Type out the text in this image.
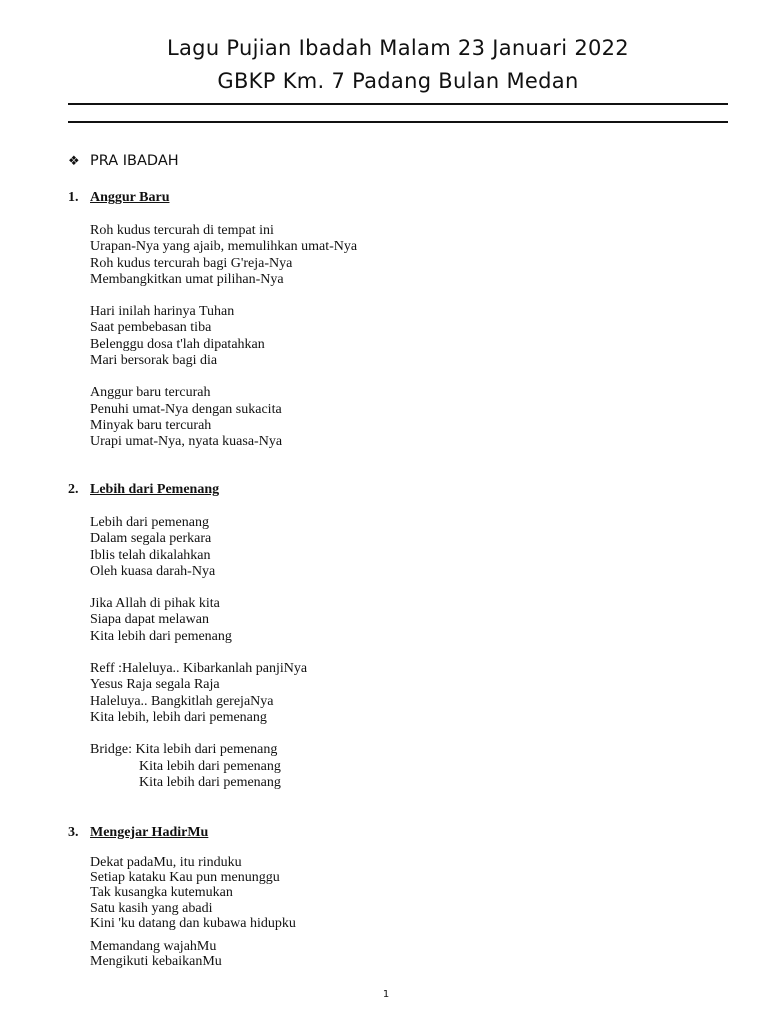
Lagu Pujian Ibadah Malam 23 Januari 2022
GBKP Km. 7 Padang Bulan Medan
❖ PRA IBADAH
1. Anggur Baru
Roh kudus tercurah di tempat ini
Urapan-Nya yang ajaib, memulihkan umat-Nya
Roh kudus tercurah bagi G'reja-Nya
Membangkitkan umat pilihan-Nya
Hari inilah harinya Tuhan
Saat pembebasan tiba
Belenggu dosa t'lah dipatahkan
Mari bersorak bagi dia
Anggur baru tercurah
Penuhi umat-Nya dengan sukacita
Minyak baru tercurah
Urapi umat-Nya, nyata kuasa-Nya
2. Lebih dari Pemenang
Lebih dari pemenang
Dalam segala perkara
Iblis telah dikalahkan
Oleh kuasa darah-Nya
Jika Allah di pihak kita
Siapa dapat melawan
Kita lebih dari pemenang
Reff :Haleluya.. Kibarkanlah panjiNya
Yesus Raja segala Raja
Haleluya.. Bangkitlah gerejaNya
Kita lebih, lebih dari pemenang
Bridge: Kita lebih dari pemenang
Kita lebih dari pemenang
Kita lebih dari pemenang
3. Mengejar HadirMu
Dekat padaMu, itu rinduku
Setiap kataku Kau pun menunggu
Tak kusangka kutemukan
Satu kasih yang abadi
Kini 'ku datang dan kubawa hidupku
Memandang wajahMu
Mengikuti kebaikanMu
1
